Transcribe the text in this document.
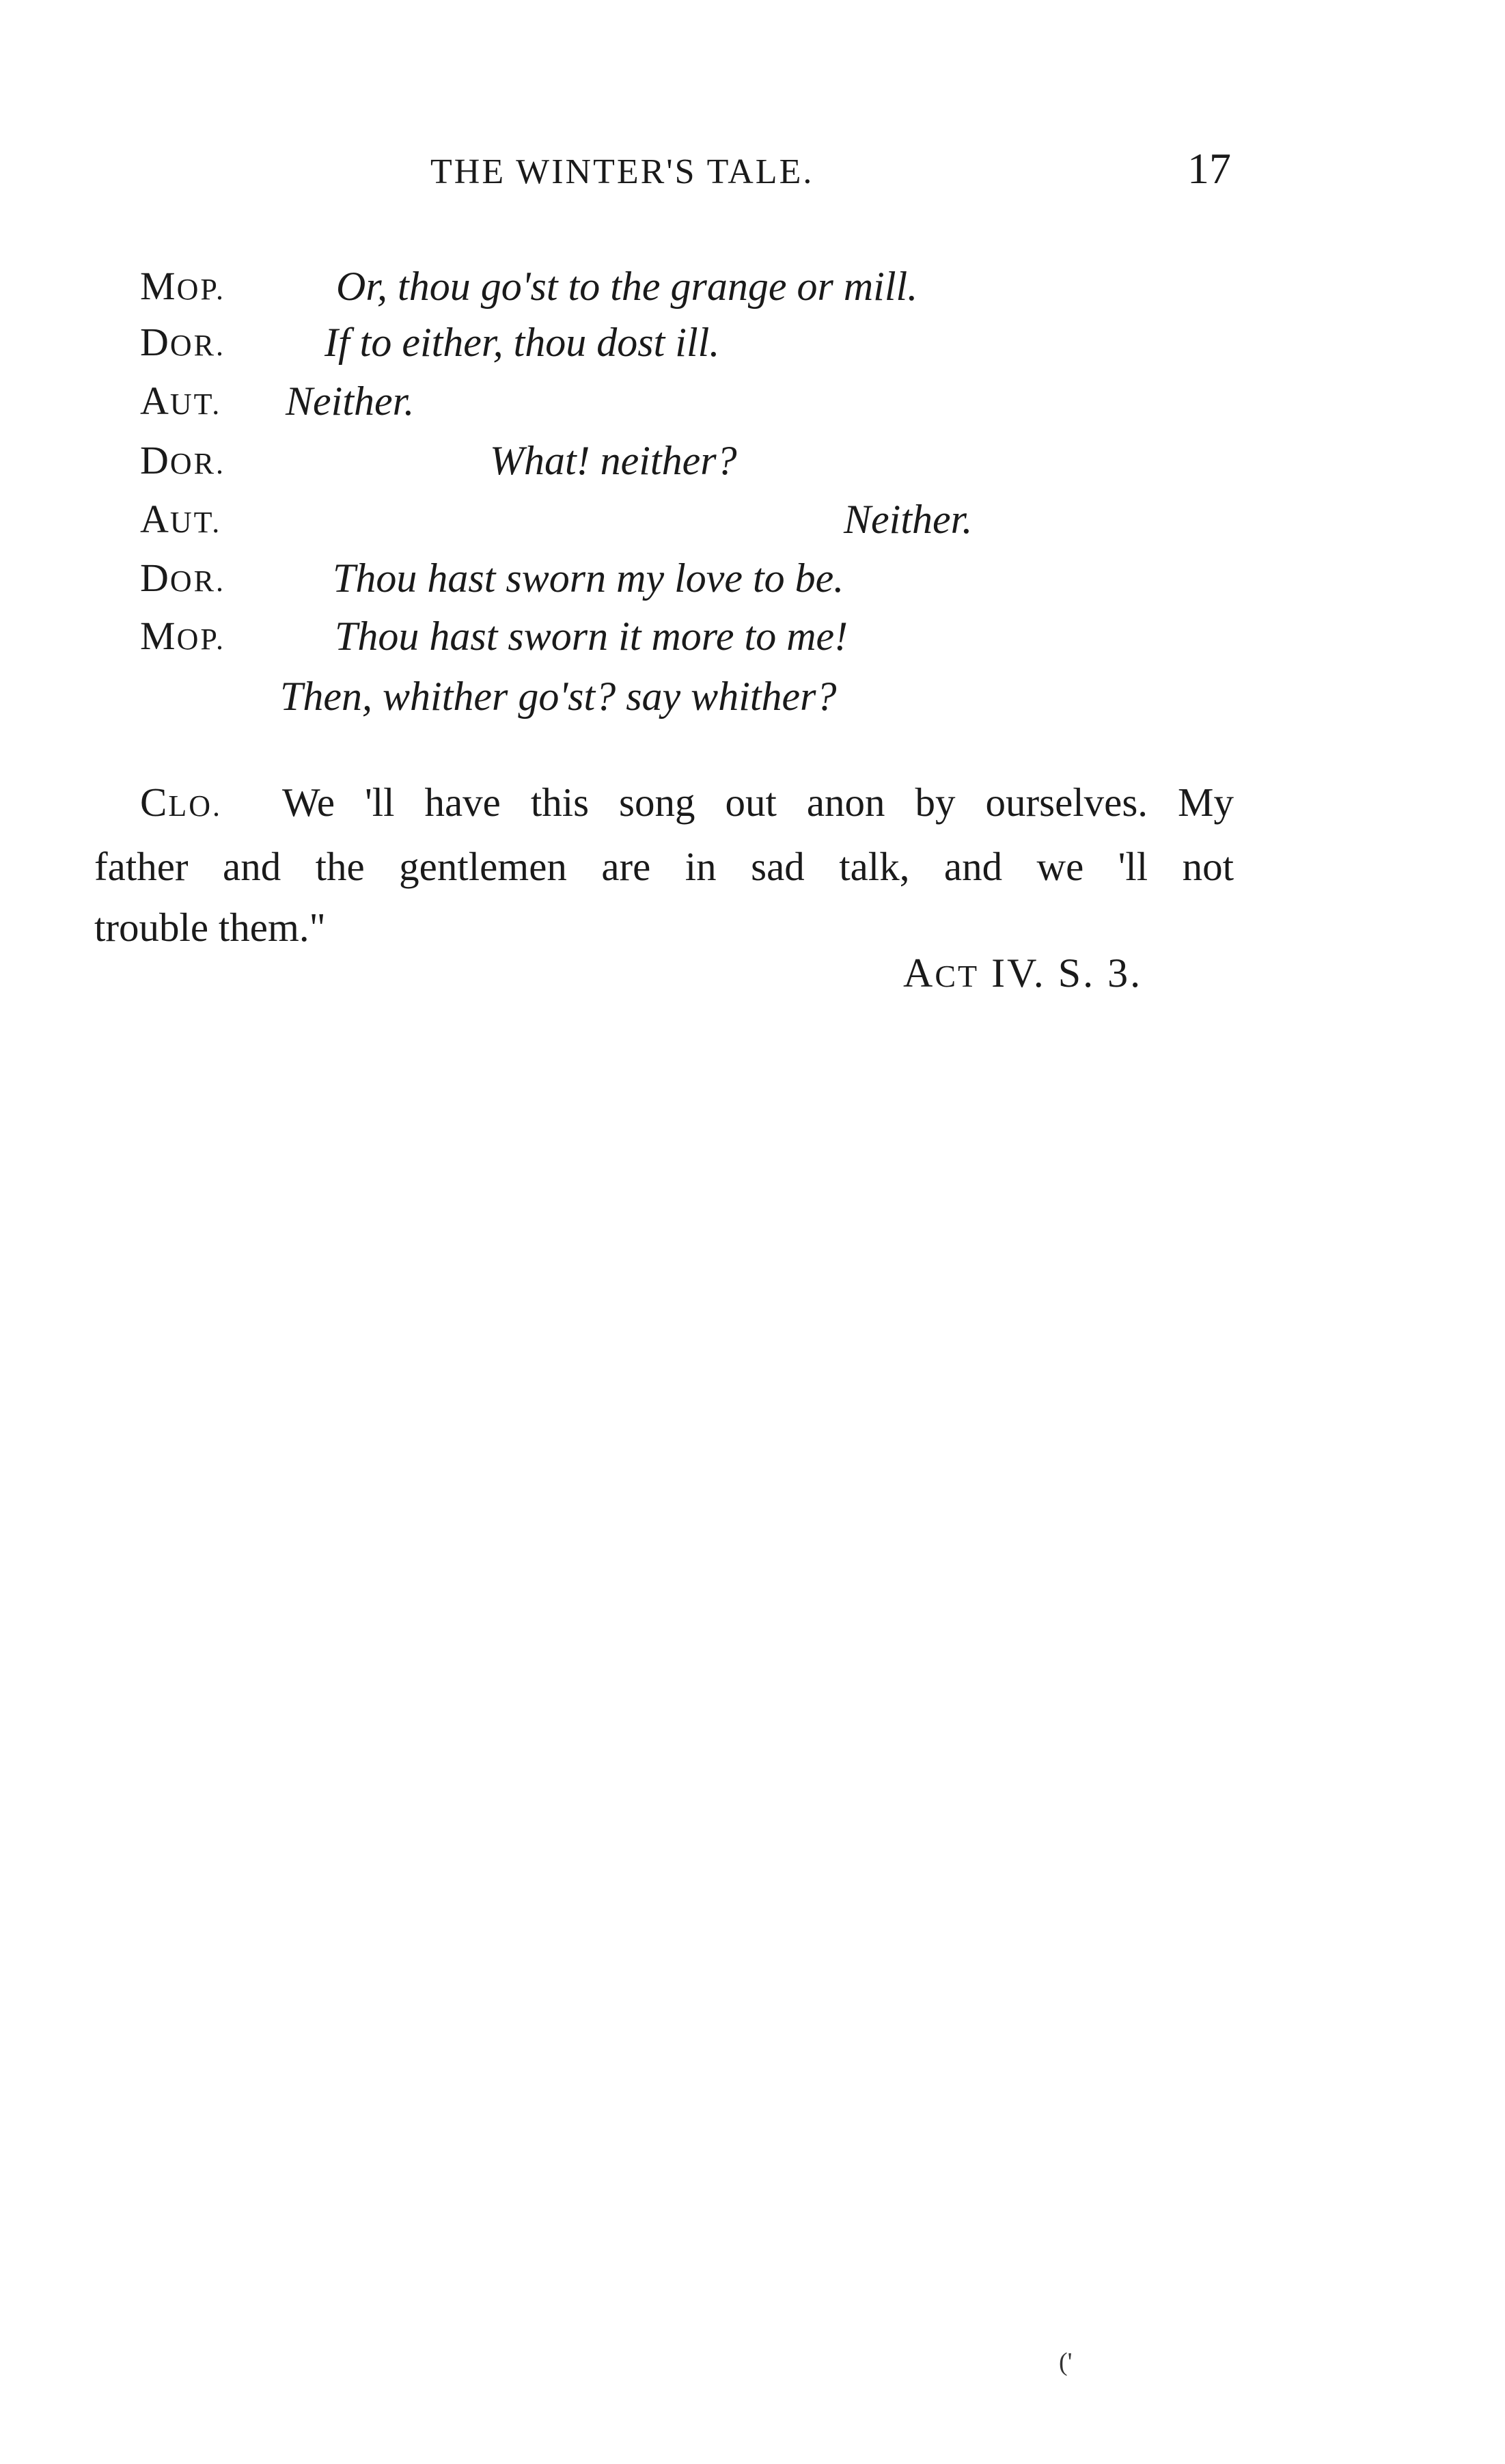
THE WINTER'S TALE.	17
MOP.	Or, thou go'st to the grange or mill.
DOR. If to either, thou dost ill.
AUT. Neither.
DOR.	What! neither?
AUT.	Neither.
DOR.	Thou hast sworn my love to be.
MOP.	Thou hast sworn it more to me!
Then, whither go'st? say whither?
CLO. We 'll have this song out anon by ourselves. My
father and the gentlemen are in sad talk, and we 'll not
trouble them."
ACT IV. S. 3.
('
